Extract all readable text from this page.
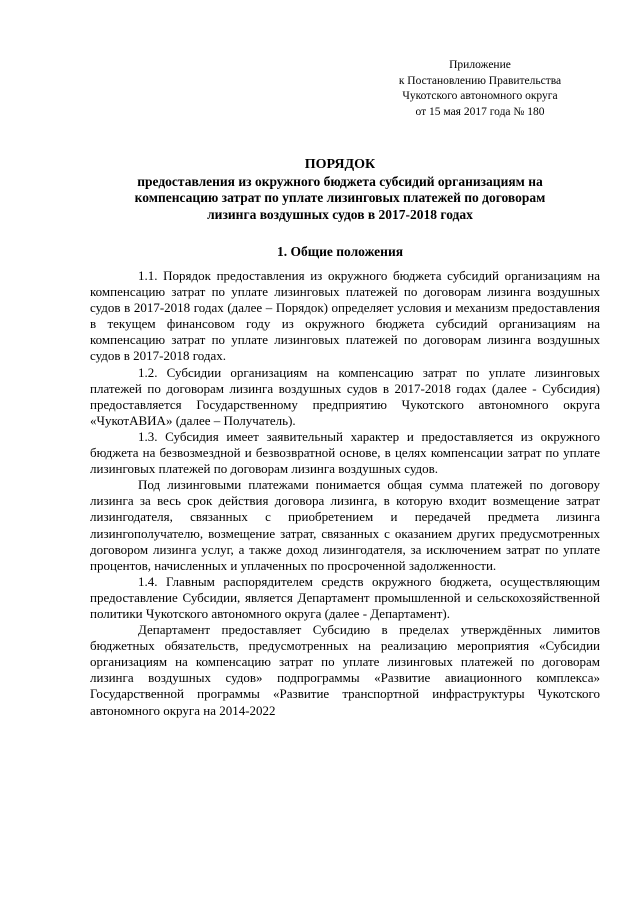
Приложение
к Постановлению Правительства
Чукотского автономного округа
от 15 мая 2017 года № 180
ПОРЯДОК
предоставления из окружного бюджета субсидий организациям на
компенсацию затрат по уплате лизинговых платежей по договорам
лизинга воздушных судов в 2017-2018 годах
1. Общие положения

1.1. Порядок предоставления из окружного бюджета субсидий организациям на компенсацию затрат по уплате лизинговых платежей по договорам лизинга воздушных судов в 2017-2018 годах (далее – Порядок) определяет условия и механизм предоставления в текущем финансовом году из окружного бюджета субсидий организациям на компенсацию затрат по уплате лизинговых платежей по договорам лизинга воздушных судов в 2017-2018 годах.

1.2. Субсидии организациям на компенсацию затрат по уплате лизинговых платежей по договорам лизинга воздушных судов в 2017-2018 годах (далее - Субсидия) предоставляется Государственному предприятию Чукотского автономного округа «ЧукотАВИА» (далее – Получатель).

1.3. Субсидия имеет заявительный характер и предоставляется из окружного бюджета на безвозмездной и безвозвратной основе, в целях компенсации затрат по уплате лизинговых платежей по договорам лизинга воздушных судов.

Под лизинговыми платежами понимается общая сумма платежей по договору лизинга за весь срок действия договора лизинга, в которую входит возмещение затрат лизингодателя, связанных с приобретением и передачей предмета лизинга лизингополучателю, возмещение затрат, связанных с оказанием других предусмотренных договором лизинга услуг, а также доход лизингодателя, за исключением затрат по уплате процентов, начисленных и уплаченных по просроченной задолженности.

1.4. Главным распорядителем средств окружного бюджета, осуществляющим предоставление Субсидии, является Департамент промышленной и сельскохозяйственной политики Чукотского автономного округа (далее - Департамент).

Департамент предоставляет Субсидию в пределах утверждённых лимитов бюджетных обязательств, предусмотренных на реализацию мероприятия «Субсидии организациям на компенсацию затрат по уплате лизинговых платежей по договорам лизинга воздушных судов» подпрограммы «Развитие авиационного комплекса» Государственной программы «Развитие транспортной инфраструктуры Чукотского автономного округа на 2014-2022
